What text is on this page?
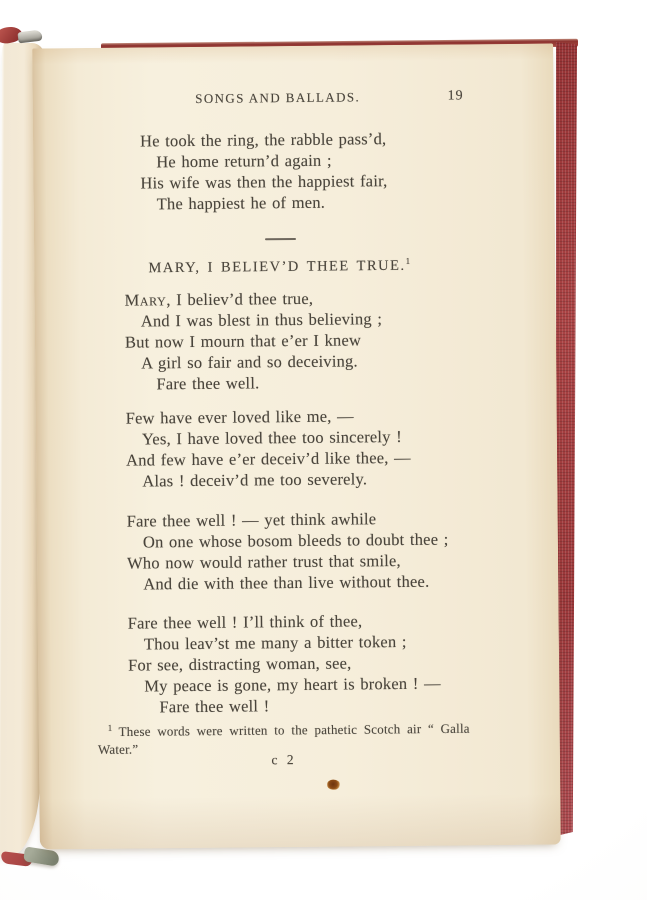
SONGS AND BALLADS.	19
He took the ring, the rabble pass’d,
He home return’d again ;
His wife was then the happiest fair,
The happiest he of men.
MARY, I BELIEV’D THEE TRUE.$^1$
Mary, I believ’d thee true,
And I was blest in thus believing ;
But now I mourn that e’er I knew
A girl so fair and so deceiving.
Fare thee well.
Few have ever loved like me, —
Yes, I have loved thee too sincerely !
And few have e’er deceiv’d like thee, —
Alas ! deceiv’d me too severely.
Fare thee well ! — yet think awhile
On one whose bosom bleeds to doubt thee ;
Who now would rather trust that smile,
And die with thee than live without thee.
Fare thee well ! I’ll think of thee,
Thou leav’st me many a bitter token ;
For see, distracting woman, see,
My peace is gone, my heart is broken ! —
Fare thee well !
$^1$ These words were written to the pathetic Scotch air “ Galla
Water.”
c 2
